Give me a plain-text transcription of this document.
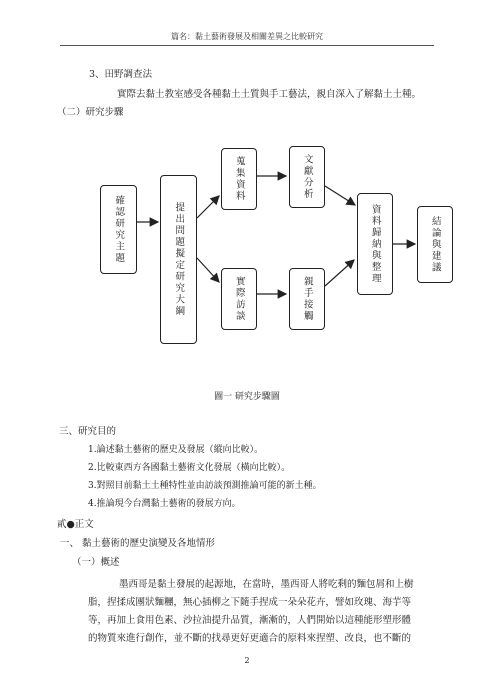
篇名：黏土藝術發展及相關差異之比較研究
3、田野調查法
實際去黏土教室感受各種黏土土質與手工藝法，親自深入了解黏土土種。
（二）研究步驟
確認研究主題	提出問題擬定研究大綱
蒐集資料
實際訪談
文獻分析
親手接觸
資料歸納與整理	結論與建議
圖一 研究步驟圖
三、研究目的
1.論述黏土藝術的歷史及發展（縱向比較）。
2.比較東西方各國黏土藝術文化發展（橫向比較）。
3.對照目前黏土土種特性並由訪談預測推論可能的新土種。
4.推論現今台灣黏土藝術的發展方向。
貳●正文
一、 黏土藝術的歷史演變及各地情形
（一）概述
墨西哥是黏土發展的起源地，在當時，墨西哥人將吃剩的麵包屑和上樹
脂，捏揉成團狀麵糰，無心插柳之下隨手捏成一朵朵花卉，譬如玫瑰、海芋等
等，再加上食用色素、沙拉油提升品質，漸漸的，人們開始以這種能形塑形體
的物質來進行創作，並不斷的找尋更好更適合的原料來捏塑、改良，也不斷的
2
